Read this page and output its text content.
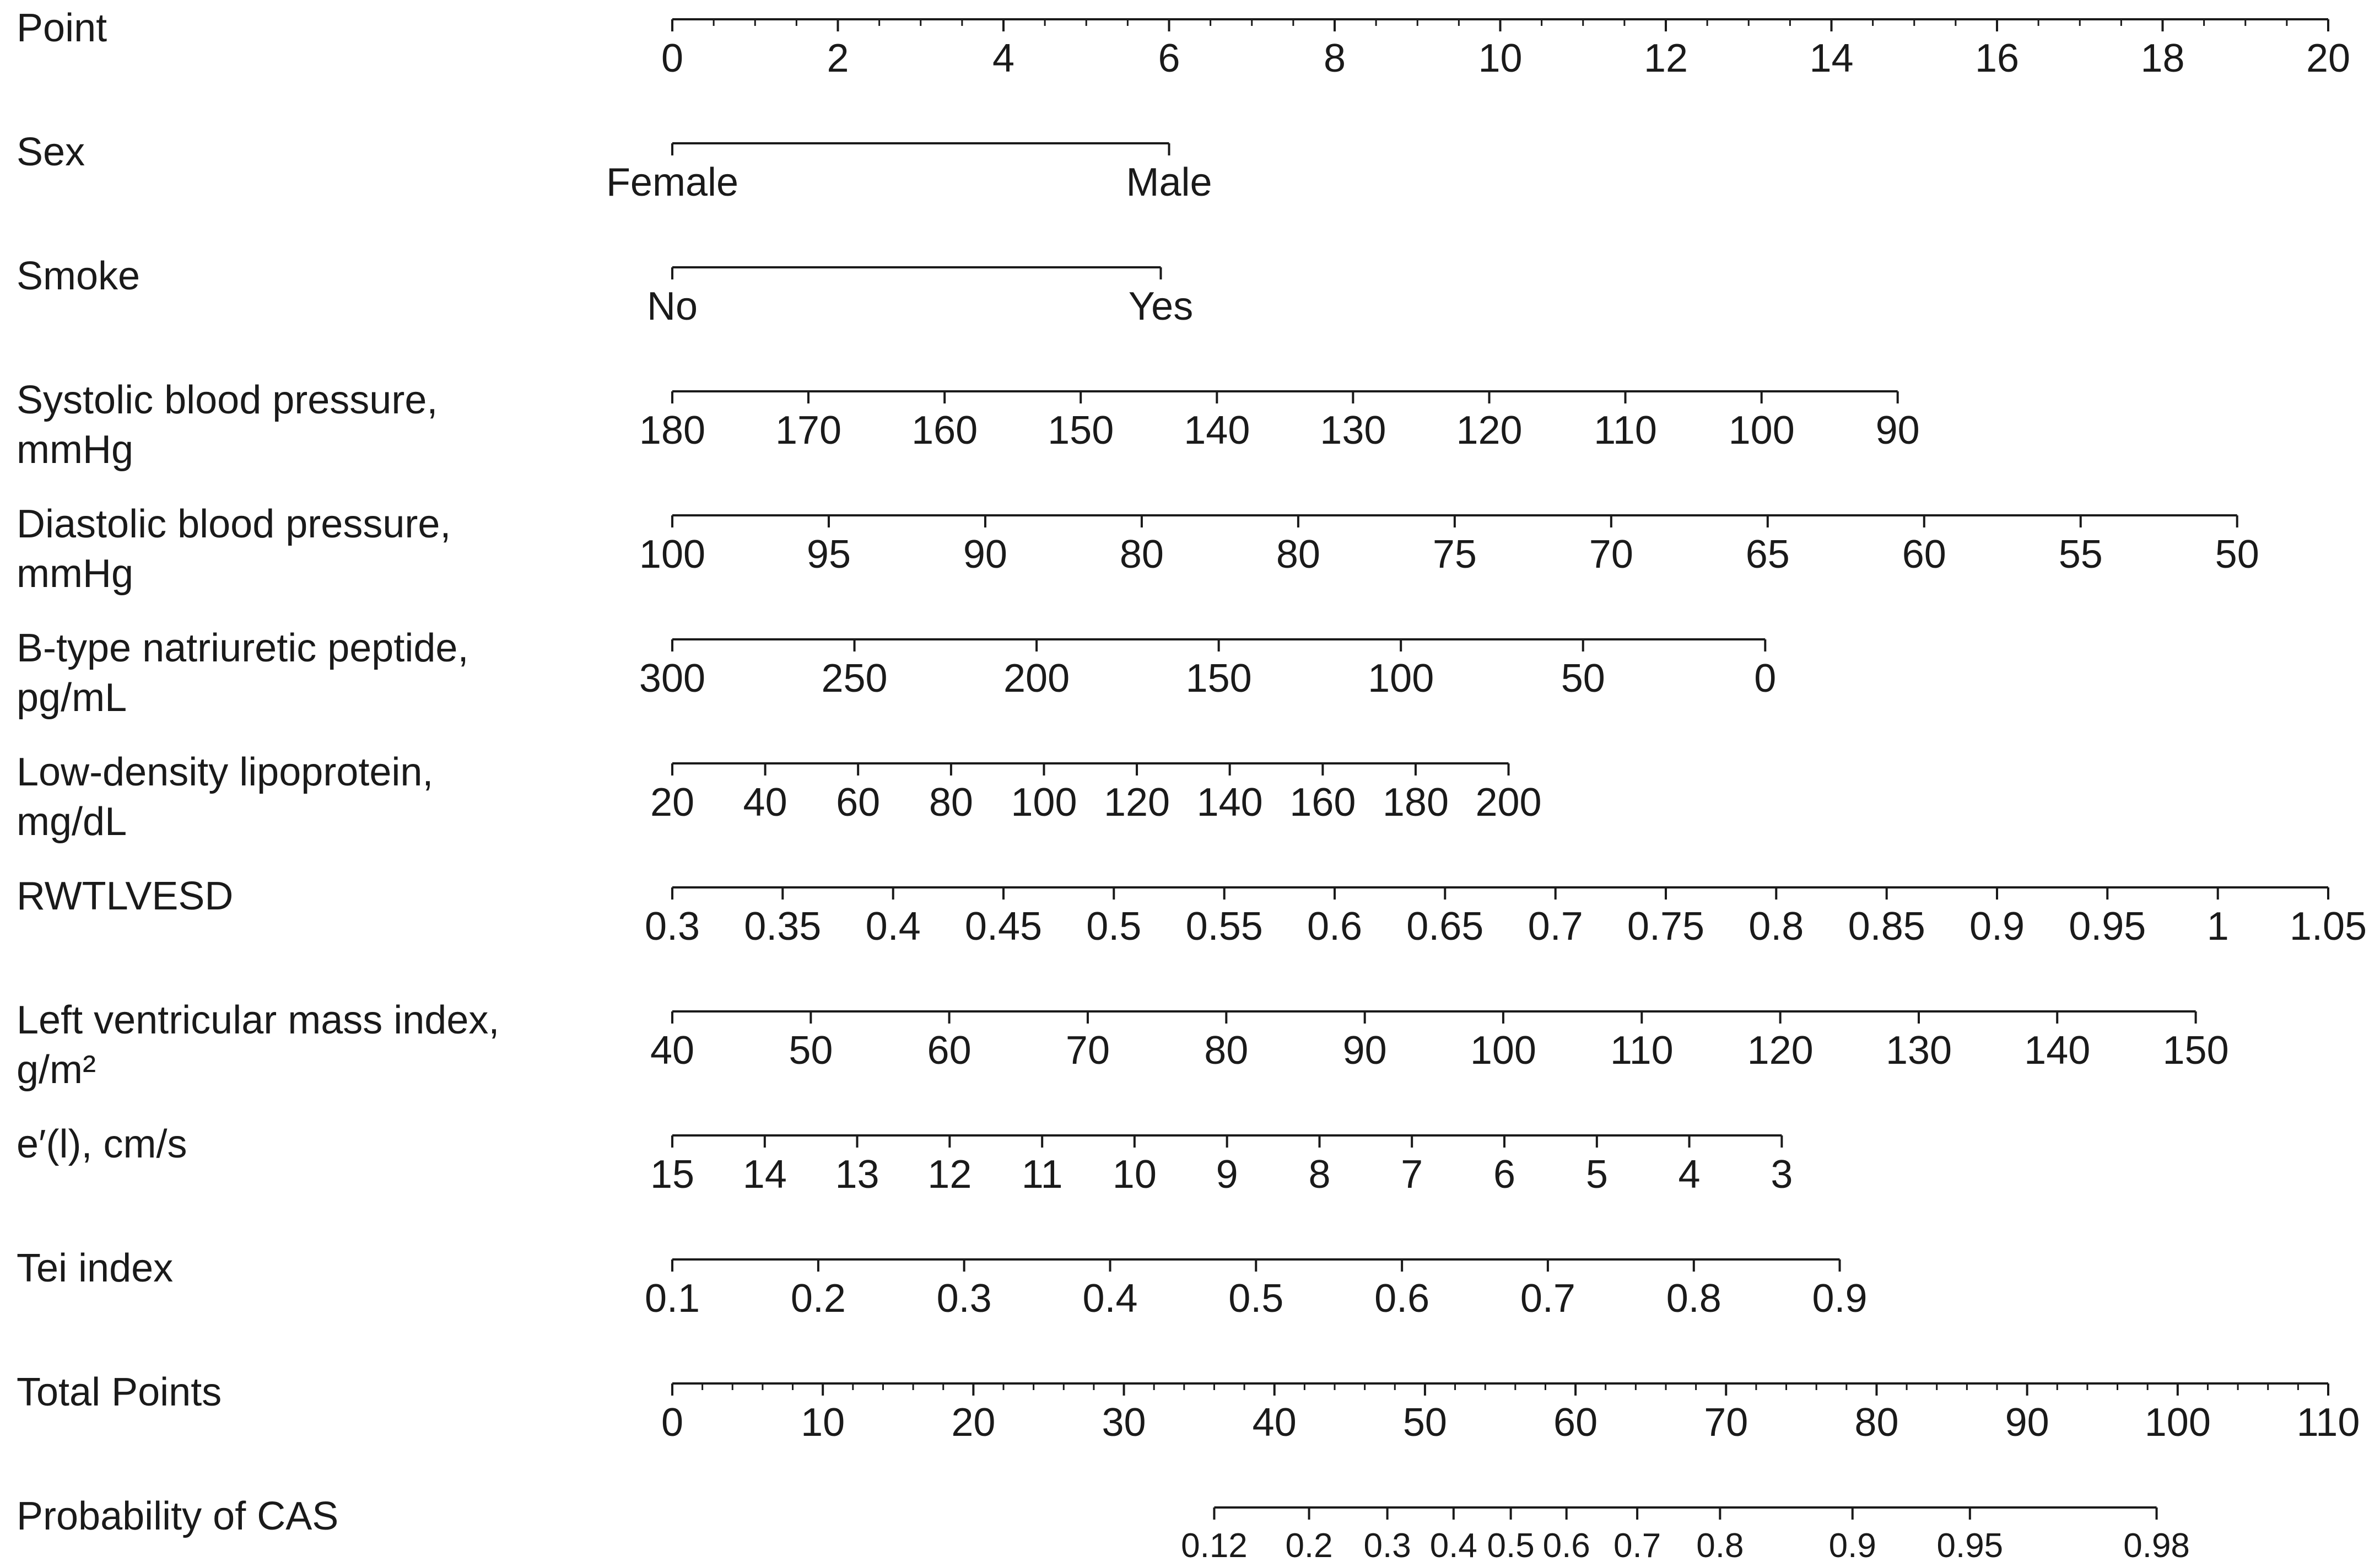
Point
0	2	4	6	8	10	12	14	16	18	20
Sex
Female	Male
Smoke
No	Yes
Systolic blood pressure, mmHg	180 170 160 150 140 130 120 110 100 90
Diastolic blood pressure, mmHg	100	95	90	80	80	75	70	65	60	55	50
B-type natriuretic peptide, pg/mL	300	250	200	150	100	50	0
Low-density lipoprotein, mg/dL	20 40 60 80 100 120 140 160 180 200
RWTLVESD
0.3 0.35 0.4 0.45 0.5 0.55 0.6 0.65 0.7 0.75 0.8 0.85 0.9 0.95 1 1.05
Left ventricular mass index, g/m²	40 50 60 70 80 90 100 110 120 130 140 150
e′(l), cm/s
15 14 13 12 11 10 9 8 7 6 5 4 3
Tei index
0.1 0.2 0.3 0.4 0.5 0.6 0.7 0.8 0.9
Total Points
0	10	20	30	40	50	60	70	80	90 100 110
Probability of CAS
0.12 0.2 0.3 0.4 0.5 0.6 0.7 0.8 0.9 0.95	0.98
